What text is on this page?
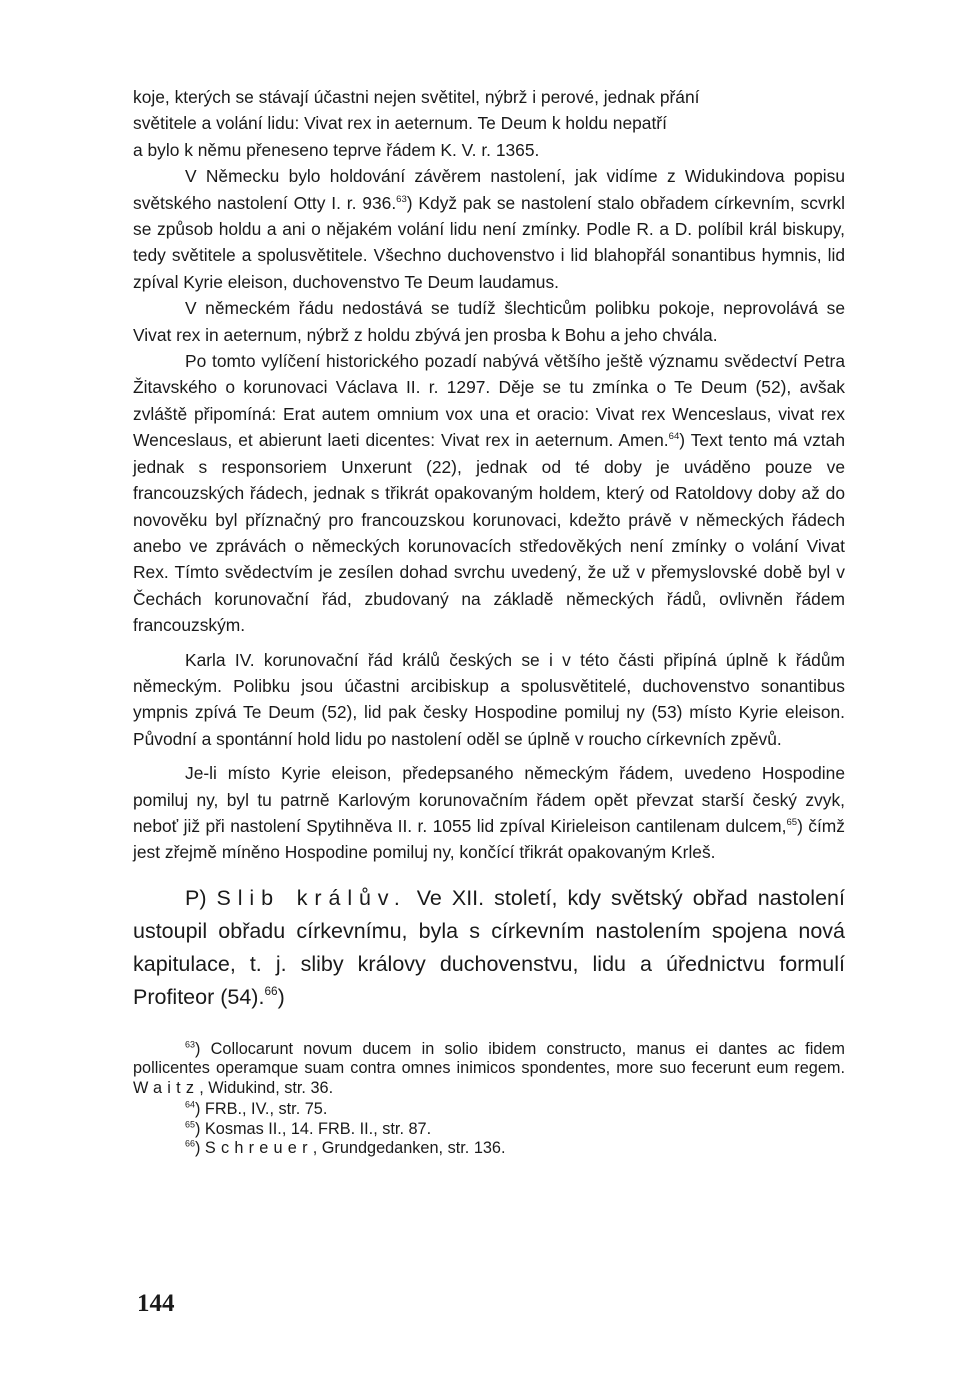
koje, kterých se stávají účastni nejen světitel, nýbrž i perové, jednak přání
světitele a volání lidu: Vivat rex in aeternum. Te Deum k holdu nepatří
a bylo k němu přeneseno teprve řádem K. V. r. 1365.

V Německu bylo holdování závěrem nastolení, jak vidíme z Widukindova popisu světského nastolení Otty I. r. 936.63) Když pak se nastolení stalo obřadem církevním, scvrkl se způsob holdu a ani o nějakém volání lidu není zmínky. Podle R. a D. políbil král biskupy, tedy světitele a spolusvětitele. Všechno duchovenstvo i lid blahopřál sonantibus hymnis, lid zpíval Kyrie eleison, duchovenstvo Te Deum laudamus.

V německém řádu nedostává se tudíž šlechticům polibku pokoje, neprovolává se Vivat rex in aeternum, nýbrž z holdu zbývá jen prosba k Bohu a jeho chvála.

Po tomto vylíčení historického pozadí nabývá většího ještě významu svědectví Petra Žitavského o korunovaci Václava II. r. 1297. Děje se tu zmínka o Te Deum (52), avšak zvláště připomíná: Erat autem omnium vox una et oracio: Vivat rex Wenceslaus, vivat rex Wenceslaus, et abierunt laeti dicentes: Vivat rex in aeternum. Amen.$^{64}$) Text tento má vztah jednak s responsoriem Unxerunt (22), jednak od té doby je uváděno pouze ve francouzských řádech, jednak s třikrát opakovaným holdem, který od Ratoldovy doby až do novověku byl příznačný pro francouzskou korunovaci, kdežto právě v německých řádech anebo ve zprávách o německých korunovacích středověkých není zmínky o volání Vivat Rex. Tímto svědectvím je zesílen dohad svrchu uvedený, že už v přemyslovské době byl v Čechách korunovační řád, zbudovaný na základě německých řádů, ovlivněn řádem francouzským.

Karla IV. korunovační řád králů českých se i v této části připíná úplně k řádům německým. Polibku jsou účastni arcibiskup a spolusvětitelé, duchovenstvo sonantibus ympnis zpívá Te Deum (52), lid pak česky Hospodine pomiluj ny (53) místo Kyrie eleison. Původní a spontánní hold lidu po nastolení oděl se úplně v roucho církevních zpěvů.

Je-li místo Kyrie eleison, předepsaného německým řádem, uvedeno Hospodine pomiluj ny, byl tu patrně Karlovým korunovačním řádem opět převzat starší český zvyk, neboť již při nastolení Spytihněva II. r. 1055 lid zpíval Kirieleison cantilenam dulcem,$^{65}$) čímž jest zřejmě míněno Hospodine pomiluj ny, končící třikrát opakovaným Krleš.

P) Slib králův. Ve XII. století, kdy světský obřad nastolení ustoupil obřadu církevnímu, byla s církevním nastolením spojena nová kapitulace, t. j. sliby královy duchovenstvu, lidu a úřednictvu formulí Profiteor (54).$^{66}$)

$^{63}$) Collocarunt novum ducem in solio ibidem constructo, manus ei dantes ac fidem pollicentes operamque suam contra omnes inimicos spondentes, more suo fecerunt eum regem. Waitz, Widukind, str. 36.

$^{64}$) FRB., IV., str. 75.

$^{65}$) Kosmas II., 14. FRB. II., str. 87.

$^{66}$) Schreuer, Grundgedanken, str. 136.

144
